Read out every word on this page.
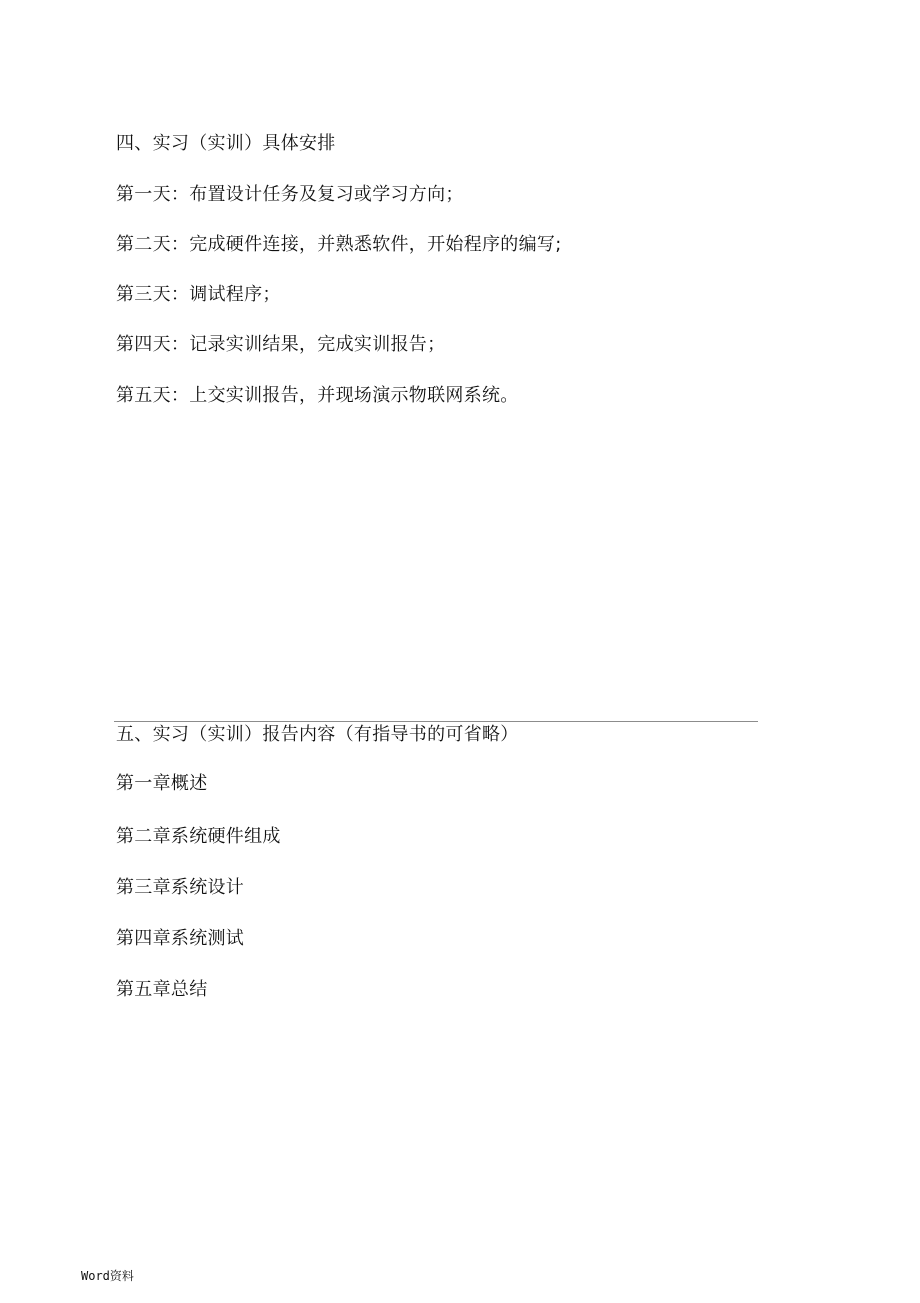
四、实习（实训）具体安排
第一天：布置设计任务及复习或学习方向；
第二天：完成硬件连接，并熟悉软件，开始程序的编写;
第三天：调试程序；
第四天：记录实训结果，完成实训报告；
第五天：上交实训报告，并现场演示物联网系统。
五、实习（实训）报告内容（有指导书的可省略）
第一章概述
第二章系统硬件组成
第三章系统设计
第四章系统测试
第五章总结
Word资料
